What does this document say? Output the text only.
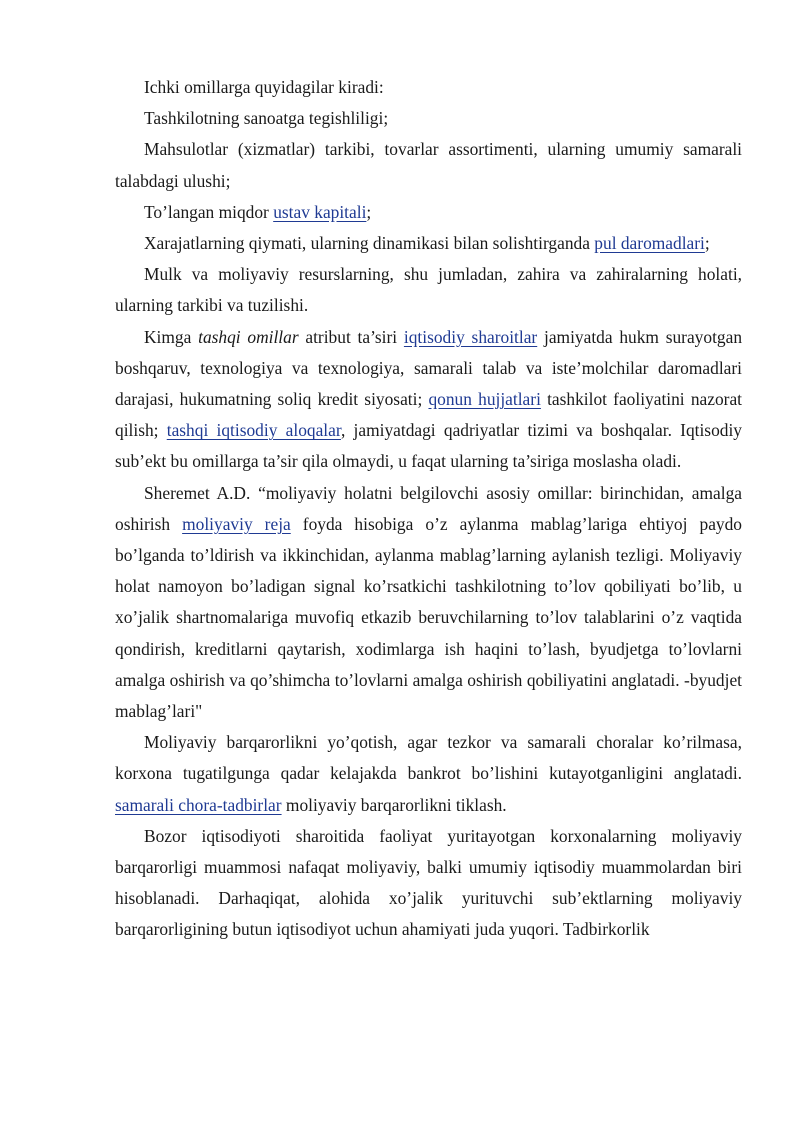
Ichki omillarga quyidagilar kiradi:

Tashkilotning sanoatga tegishliligi;

Mahsulotlar (xizmatlar) tarkibi, tovarlar assortimenti, ularning umumiy samarali talabdagi ulushi;

To’langan miqdor ustav kapitali;

Xarajatlarning qiymati, ularning dinamikasi bilan solishtirganda pul daromadlari;

Mulk va moliyaviy resurslarning, shu jumladan, zahira va zahiralarning holati, ularning tarkibi va tuzilishi.

Kimga tashqi omillar atribut ta’siri iqtisodiy sharoitlar jamiyatda hukm surayotgan boshqaruv, texnologiya va texnologiya, samarali talab va iste’molchilar daromadlari darajasi, hukumatning soliq kredit siyosati; qonun hujjatlari tashkilot faoliyatini nazorat qilish; tashqi iqtisodiy aloqalar, jamiyatdagi qadriyatlar tizimi va boshqalar. Iqtisodiy sub’ekt bu omillarga ta’sir qila olmaydi, u faqat ularning ta’siriga moslasha oladi.

Sheremet A.D. “moliyaviy holatni belgilovchi asosiy omillar: birinchidan, amalga oshirish moliyaviy reja foyda hisobiga o’z aylanma mablag’lariga ehtiyoj paydo bo’lganda to’ldirish va ikkinchidan, aylanma mablag’larning aylanish tezligi. Moliyaviy holat namoyon bo’ladigan signal ko’rsatkichi tashkilotning to’lov qobiliyati bo’lib, u xo’jalik shartnomalariga muvofiq etkazib beruvchilarning to’lov talablarini o’z vaqtida qondirish, kreditlarni qaytarish, xodimlarga ish haqini to’lash, byudjetga to’lovlarni amalga oshirish va qo’shimcha to’lovlarni amalga oshirish qobiliyatini anglatadi. -byudjet mablag’lari"

Moliyaviy barqarorlikni yo’qotish, agar tezkor va samarali choralar ko’rilmasa, korxona tugatilgunga qadar kelajakda bankrot bo’lishini kutayotganligini anglatadi. samarali chora-tadbirlar moliyaviy barqarorlikni tiklash.

Bozor iqtisodiyoti sharoitida faoliyat yuritayotgan korxonalarning moliyaviy barqarorligi muammosi nafaqat moliyaviy, balki umumiy iqtisodiy muammolardan biri hisoblanadi. Darhaqiqat, alohida xo’jalik yurituvchi sub’ektlarning moliyaviy barqarorligining butun iqtisodiyot uchun ahamiyati juda yuqori. Tadbirkorlik
